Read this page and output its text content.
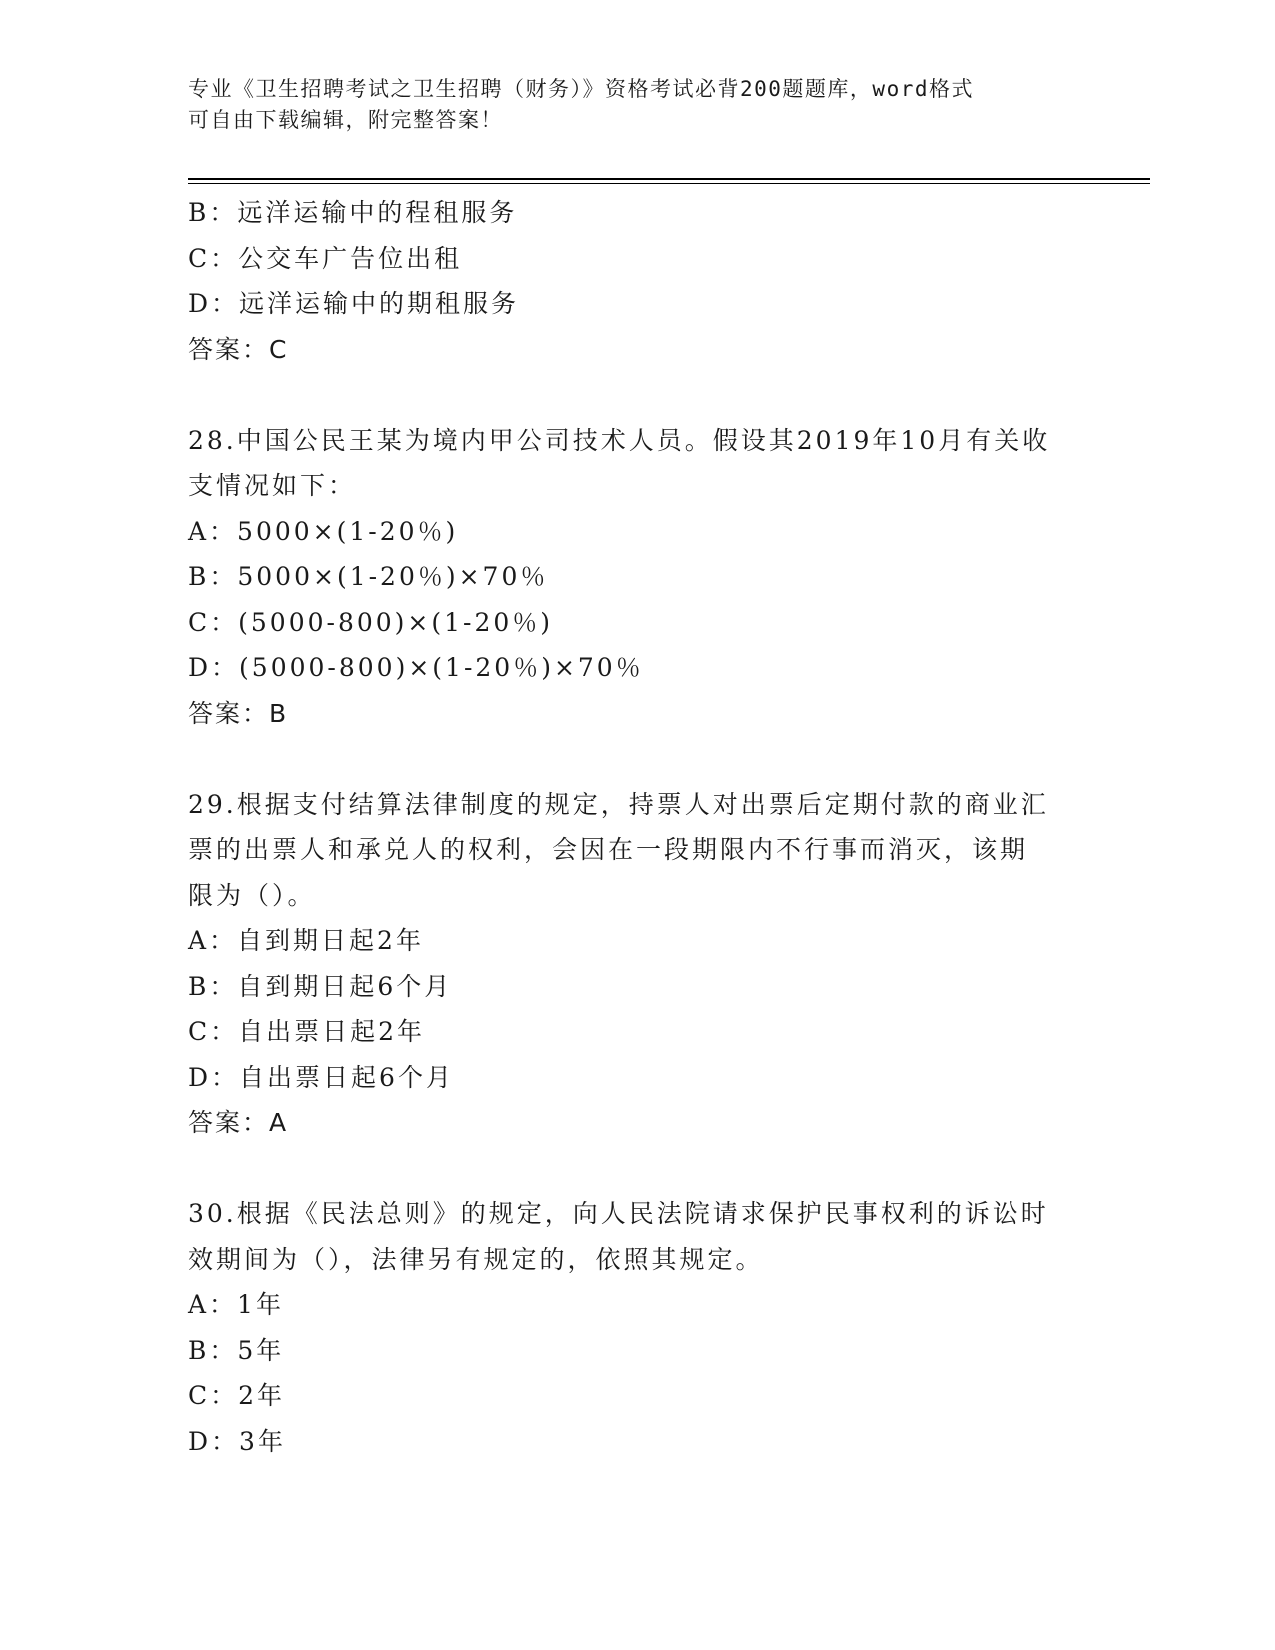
专业《卫生招聘考试之卫生招聘（财务）》资格考试必背200题题库，word格式
可自由下载编辑，附完整答案！
B：远洋运输中的程租服务
C：公交车广告位出租
D：远洋运输中的期租服务
答案：C
28.中国公民王某为境内甲公司技术人员。假设其2019年10月有关收
支情况如下：
A：5000×(1-20％)
B：5000×(1-20％)×70％
C：(5000-800)×(1-20％)
D：(5000-800)×(1-20％)×70％
答案：B
29.根据支付结算法律制度的规定，持票人对出票后定期付款的商业汇
票的出票人和承兑人的权利，会因在一段期限内不行事而消灭，该期
限为（）。
A：自到期日起2年
B：自到期日起6个月
C：自出票日起2年
D：自出票日起6个月
答案：A
30.根据《民法总则》的规定，向人民法院请求保护民事权利的诉讼时
效期间为（），法律另有规定的，依照其规定。
A：1年
B：5年
C：2年
D：3年
